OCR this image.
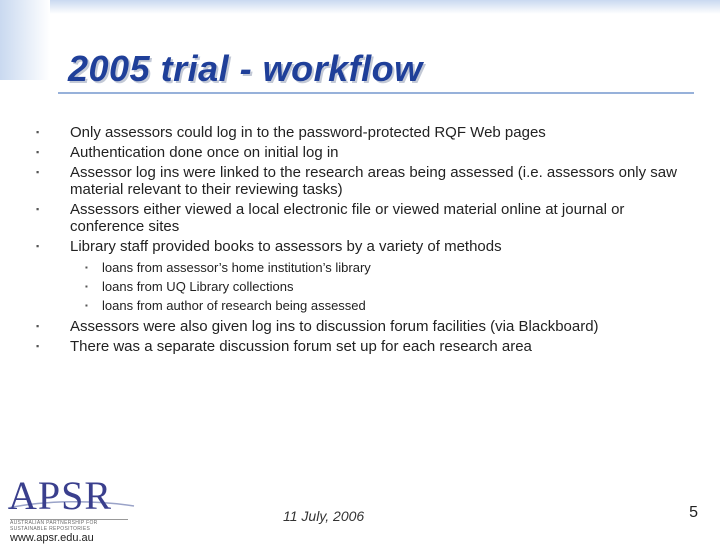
2005 trial - workflow

▪ Only assessors could log in to the password-protected RQF Web pages

▪ Authentication done once on initial log in

▪ Assessor log ins were linked to the research areas being assessed (i.e. assessors only saw material relevant to their reviewing tasks)

▪ Assessors either viewed a local electronic file or viewed material online at journal or conference sites

▪ Library staff provided books to assessors by a variety of methods

▪ loans from assessor’s home institution’s library

▪ loans from UQ Library collections

▪ loans from author of research being assessed

▪ Assessors were also given log ins to discussion forum facilities (via Blackboard)

▪ There was a separate discussion forum set up for each research area

APSR

AUSTRALIAN PARTNERSHIP FOR

SUSTAINABLE REPOSITORIES

www.apsr.edu.au

11 July, 2006	5
